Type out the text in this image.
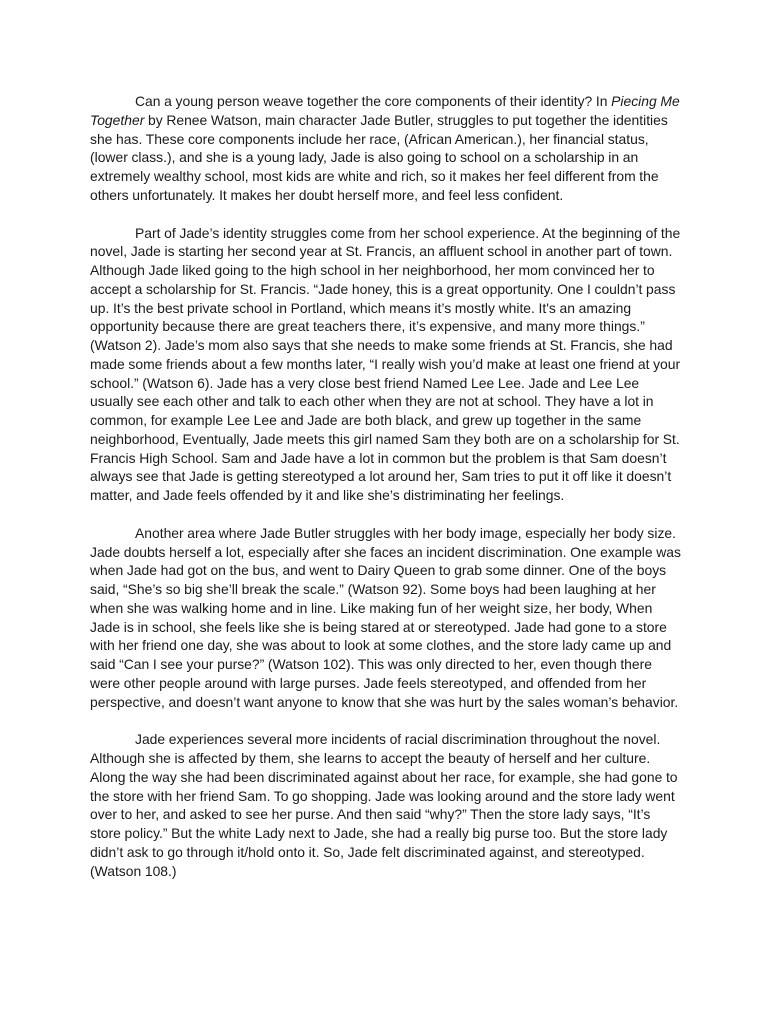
Can a young person weave together the core components of their identity? In Piecing Me Together by Renee Watson, main character Jade Butler, struggles to put together the identities she has. These core components include her race, (African American.), her financial status, (lower class.), and she is a young lady, Jade is also going to school on a scholarship in an extremely wealthy school, most kids are white and rich, so it makes her feel different from the others unfortunately. It makes her doubt herself more, and feel less confident.

Part of Jade’s identity struggles come from her school experience. At the beginning of the novel, Jade is starting her second year at St. Francis, an affluent school in another part of town. Although Jade liked going to the high school in her neighborhood, her mom convinced her to accept a scholarship for St. Francis. “Jade honey, this is a great opportunity. One I couldn’t pass up. It’s the best private school in Portland, which means it’s mostly white. It's an amazing opportunity because there are great teachers there, it’s expensive, and many more things.” (Watson 2). Jade’s mom also says that she needs to make some friends at St. Francis, she had made some friends about a few months later, “I really wish you’d make at least one friend at your school.” (Watson 6). Jade has a very close best friend Named Lee Lee. Jade and Lee Lee usually see each other and talk to each other when they are not at school. They have a lot in common, for example Lee Lee and Jade are both black, and grew up together in the same neighborhood, Eventually, Jade meets this girl named Sam they both are on a scholarship for St. Francis High School. Sam and Jade have a lot in common but the problem is that Sam doesn’t always see that Jade is getting stereotyped a lot around her, Sam tries to put it off like it doesn’t matter, and Jade feels offended by it and like she’s distriminating her feelings.

Another area where Jade Butler struggles with her body image, especially her body size. Jade doubts herself a lot, especially after she faces an incident discrimination. One example was when Jade had got on the bus, and went to Dairy Queen to grab some dinner. One of the boys said, “She’s so big she’ll break the scale.” (Watson 92). Some boys had been laughing at her when she was walking home and in line. Like making fun of her weight size, her body, When Jade is in school, she feels like she is being stared at or stereotyped. Jade had gone to a store with her friend one day, she was about to look at some clothes, and the store lady came up and said “Can I see your purse?” (Watson 102). This was only directed to her, even though there were other people around with large purses. Jade feels stereotyped, and offended from her perspective, and doesn’t want anyone to know that she was hurt by the sales woman’s behavior.

Jade experiences several more incidents of racial discrimination throughout the novel. Although she is affected by them, she learns to accept the beauty of herself and her culture. Along the way she had been discriminated against about her race, for example, she had gone to the store with her friend Sam. To go shopping. Jade was looking around and the store lady went over to her, and asked to see her purse. And then said “why?” Then the store lady says, “It’s store policy.” But the white Lady next to Jade, she had a really big purse too. But the store lady didn’t ask to go through it/hold onto it. So, Jade felt discriminated against, and stereotyped. (Watson 108.)
